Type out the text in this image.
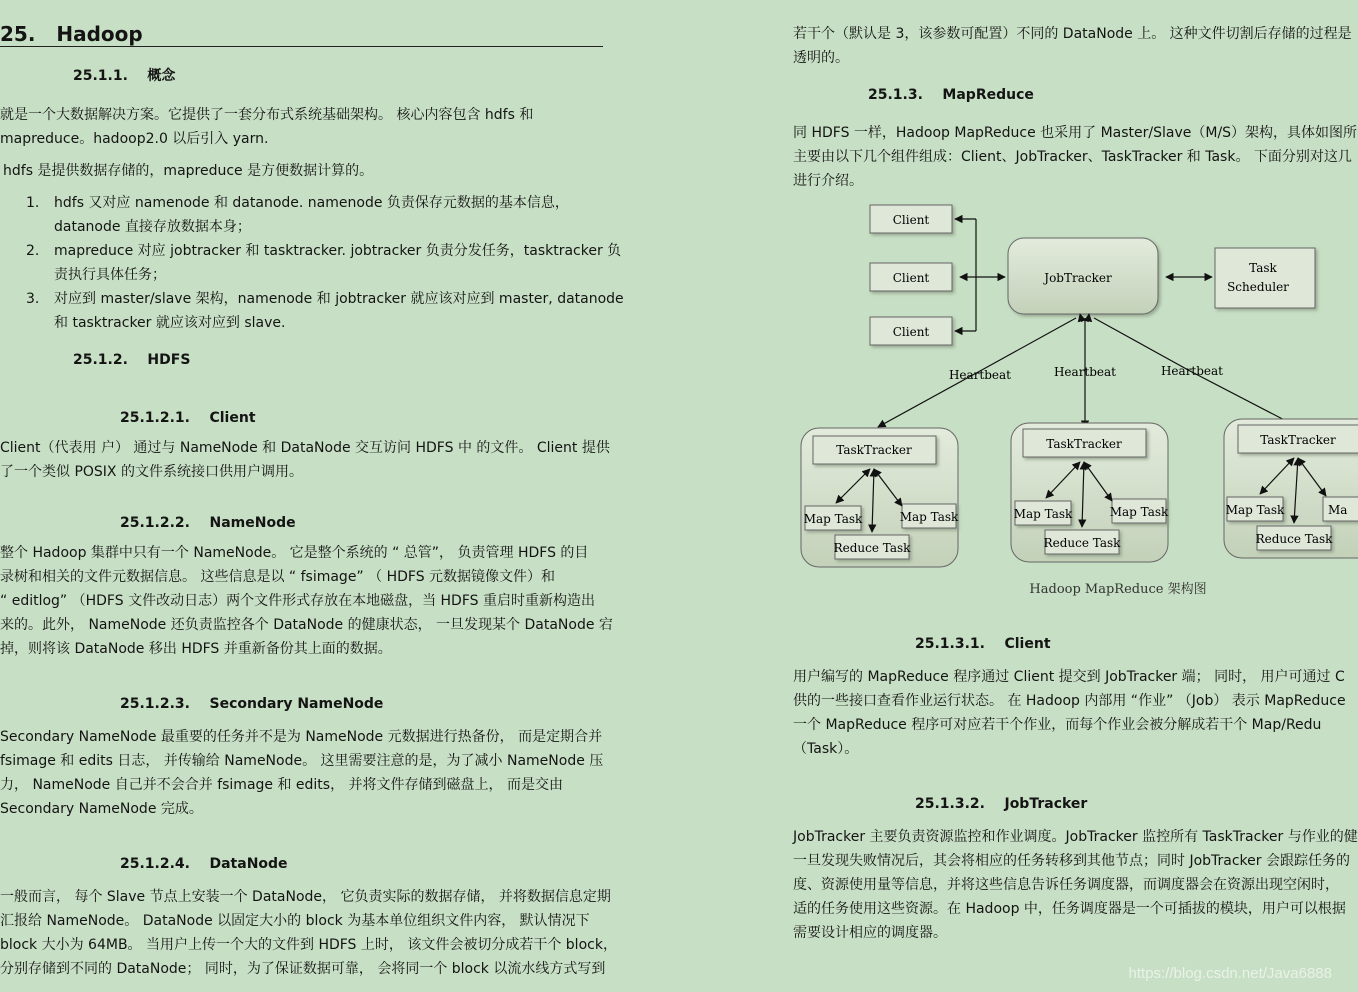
25. Hadoop
25.1.1. 概念
就是一个大数据解决方案。它提供了一套分布式系统基础架构。 核心内容包含 hdfs 和
mapreduce。hadoop2.0 以后引入 yarn.
hdfs 是提供数据存储的，mapreduce 是方便数据计算的。
1. hdfs 又对应 namenode 和 datanode. namenode 负责保存元数据的基本信息，
datanode 直接存放数据本身；
2. mapreduce 对应 jobtracker 和 tasktracker. jobtracker 负责分发任务，tasktracker 负
责执行具体任务；
3. 对应到 master/slave 架构，namenode 和 jobtracker 就应该对应到 master, datanode
和 tasktracker 就应该对应到 slave.
25.1.2. HDFS
25.1.2.1. Client
Client（代表用 户） 通过与 NameNode 和 DataNode 交互访问 HDFS 中 的文件。 Client 提供
了一个类似 POSIX 的文件系统接口供用户调用。
25.1.2.2. NameNode
整个 Hadoop 集群中只有一个 NameNode。 它是整个系统的 “ 总管”， 负责管理 HDFS 的目
录树和相关的文件元数据信息。 这些信息是以 “ fsimage” （ HDFS 元数据镜像文件）和
“ editlog” （HDFS 文件改动日志）两个文件形式存放在本地磁盘，当 HDFS 重启时重新构造出
来的。此外， NameNode 还负责监控各个 DataNode 的健康状态， 一旦发现某个 DataNode 宕
掉，则将该 DataNode 移出 HDFS 并重新备份其上面的数据。
25.1.2.3. Secondary NameNode
Secondary NameNode 最重要的任务并不是为 NameNode 元数据进行热备份， 而是定期合并
fsimage 和 edits 日志， 并传输给 NameNode。 这里需要注意的是，为了减小 NameNode 压
力， NameNode 自己并不会合并 fsimage 和 edits， 并将文件存储到磁盘上， 而是交由
Secondary NameNode 完成。
25.1.2.4. DataNode
一般而言， 每个 Slave 节点上安装一个 DataNode， 它负责实际的数据存储， 并将数据信息定期
汇报给 NameNode。 DataNode 以固定大小的 block 为基本单位组织文件内容， 默认情况下
block 大小为 64MB。 当用户上传一个大的文件到 HDFS 上时， 该文件会被切分成若干个 block，
分别存储到不同的 DataNode； 同时，为了保证数据可靠， 会将同一个 block 以流水线方式写到
若干个（默认是 3，该参数可配置）不同的 DataNode 上。 这种文件切割后存储的过程是
透明的。
25.1.3. MapReduce
同 HDFS 一样，Hadoop MapReduce 也采用了 Master/Slave（M/S）架构，具体如图所
主要由以下几个组件组成：Client、JobTracker、TaskTracker 和 Task。 下面分别对这几
进行介绍。
Client
Client
Client
JobTracker
Task
Scheduler
Heartbeat	Heartbeat	Heartbeat
TaskTracker
Map Task	Map Task
Reduce Task
TaskTracker
Map Task	Map Task
Reduce Task
TaskTracker
Map Task	Ma
Reduce Task
Hadoop MapReduce 架构图
25.1.3.1. Client
用户编写的 MapReduce 程序通过 Client 提交到 JobTracker 端； 同时， 用户可通过 C
供的一些接口查看作业运行状态。 在 Hadoop 内部用 “作业” （Job） 表示 MapReduce
一个 MapReduce 程序可对应若干个作业，而每个作业会被分解成若干个 Map/Redu
（Task）。
25.1.3.2. JobTracker
JobTracker 主要负责资源监控和作业调度。JobTracker 监控所有 TaskTracker 与作业的健
一旦发现失败情况后，其会将相应的任务转移到其他节点；同时 JobTracker 会跟踪任务的
度、资源使用量等信息，并将这些信息告诉任务调度器，而调度器会在资源出现空闲时，
适的任务使用这些资源。在 Hadoop 中，任务调度器是一个可插拔的模块，用户可以根据
需要设计相应的调度器。
https://blog.csdn.net/Java6888
